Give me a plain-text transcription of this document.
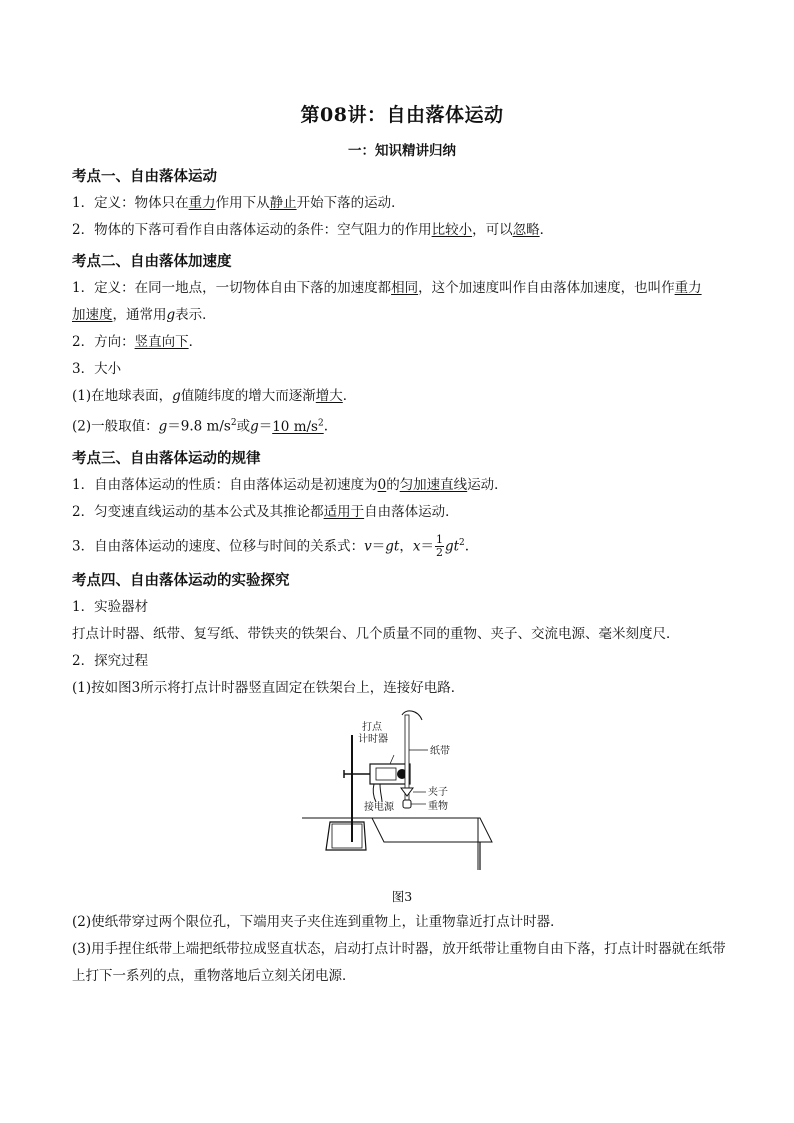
第08讲：自由落体运动
一：知识精讲归纳
考点一、自由落体运动

1．定义：物体只在重力作用下从静止开始下落的运动．

2．物体的下落可看作自由落体运动的条件：空气阻力的作用比较小，可以忽略．

考点二、自由落体加速度

1．定义：在同一地点，一切物体自由下落的加速度都相同，这个加速度叫作自由落体加速度，也叫作重力
加速度，通常用g表示．

2．方向：竖直向下．

3．大小

(1)在地球表面，g值随纬度的增大而逐渐增大．

(2)一般取值：g＝9.8 $m/s^2$或g＝10 $m/s^2$.

考点三、自由落体运动的规律

1．自由落体运动的性质：自由落体运动是初速度为0的匀加速直线运动．

2．匀变速直线运动的基本公式及其推论都适用于自由落体运动．

3．自由落体运动的速度、位移与时间的关系式：v＝gt，$x= \frac{1}{2} gt^2$.

考点四、自由落体运动的实验探究

1．实验器材

打点计时器、纸带、复写纸、带铁夹的铁架台、几个质量不同的重物、夹子、交流电源、毫米刻度尺．

2．探究过程

(1)按如图3所示将打点计时器竖直固定在铁架台上，连接好电路．

打点
计时器
纸带
夹子
重物
接电源
图3

(2)使纸带穿过两个限位孔，下端用夹子夹住连到重物上，让重物靠近打点计时器．

(3)用手捏住纸带上端把纸带拉成竖直状态，启动打点计时器，放开纸带让重物自由下落，打点计时器就在纸带上打下一系列的点，重物落地后立刻关闭电源．
